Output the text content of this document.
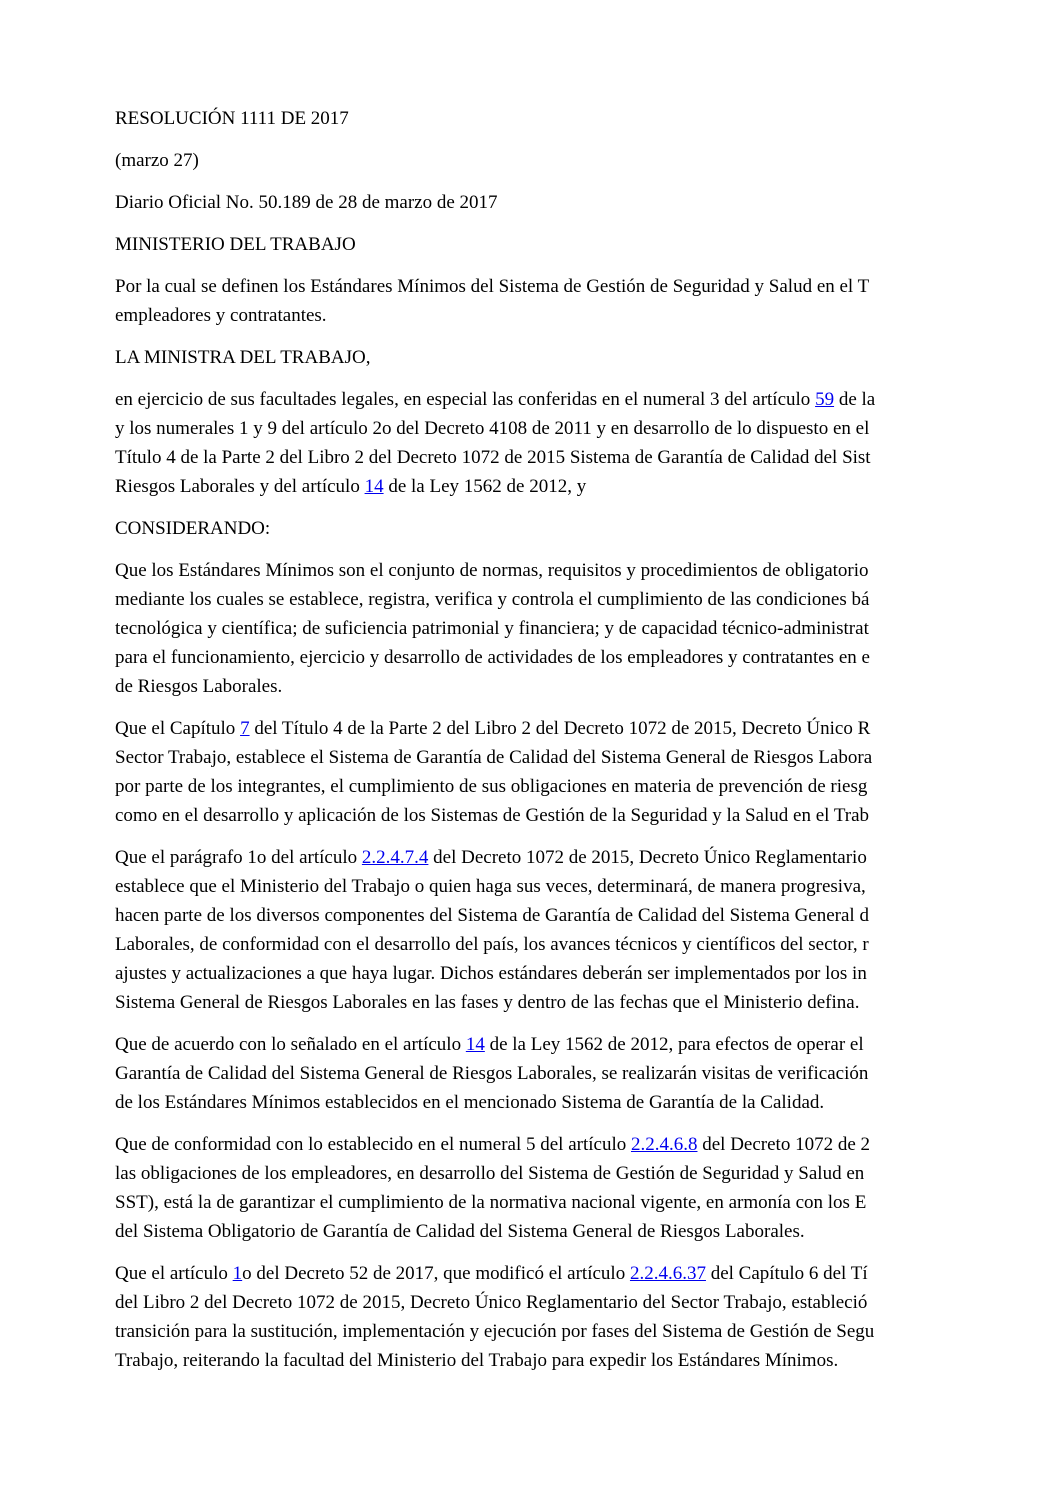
RESOLUCIÓN 1111 DE 2017
(marzo 27)
Diario Oficial No. 50.189 de 28 de marzo de 2017
MINISTERIO DEL TRABAJO
Por la cual se definen los Estándares Mínimos del Sistema de Gestión de Seguridad y Salud en el T
empleadores y contratantes.
LA MINISTRA DEL TRABAJO,
en ejercicio de sus facultades legales, en especial las conferidas en el numeral 3 del artículo 59 de la
y los numerales 1 y 9 del artículo 2o del Decreto 4108 de 2011 y en desarrollo de lo dispuesto en el
Título 4 de la Parte 2 del Libro 2 del Decreto 1072 de 2015 Sistema de Garantía de Calidad del Sist
Riesgos Laborales y del artículo 14 de la Ley 1562 de 2012, y
CONSIDERANDO:
Que los Estándares Mínimos son el conjunto de normas, requisitos y procedimientos de obligatorio
mediante los cuales se establece, registra, verifica y controla el cumplimiento de las condiciones bá
tecnológica y científica; de suficiencia patrimonial y financiera; y de capacidad técnico-administrat
para el funcionamiento, ejercicio y desarrollo de actividades de los empleadores y contratantes en e
de Riesgos Laborales.
Que el Capítulo 7 del Título 4 de la Parte 2 del Libro 2 del Decreto 1072 de 2015, Decreto Único R
Sector Trabajo, establece el Sistema de Garantía de Calidad del Sistema General de Riesgos Labora
por parte de los integrantes, el cumplimiento de sus obligaciones en materia de prevención de riesg
como en el desarrollo y aplicación de los Sistemas de Gestión de la Seguridad y la Salud en el Trab
Que el parágrafo 1o del artículo 2.2.4.7.4 del Decreto 1072 de 2015, Decreto Único Reglamentario
establece que el Ministerio del Trabajo o quien haga sus veces, determinará, de manera progresiva,
hacen parte de los diversos componentes del Sistema de Garantía de Calidad del Sistema General d
Laborales, de conformidad con el desarrollo del país, los avances técnicos y científicos del sector, r
ajustes y actualizaciones a que haya lugar. Dichos estándares deberán ser implementados por los in
Sistema General de Riesgos Laborales en las fases y dentro de las fechas que el Ministerio defina.
Que de acuerdo con lo señalado en el artículo 14 de la Ley 1562 de 2012, para efectos de operar el
Garantía de Calidad del Sistema General de Riesgos Laborales, se realizarán visitas de verificación
de los Estándares Mínimos establecidos en el mencionado Sistema de Garantía de la Calidad.
Que de conformidad con lo establecido en el numeral 5 del artículo 2.2.4.6.8 del Decreto 1072 de 2
las obligaciones de los empleadores, en desarrollo del Sistema de Gestión de Seguridad y Salud en
SST), está la de garantizar el cumplimiento de la normativa nacional vigente, en armonía con los E
del Sistema Obligatorio de Garantía de Calidad del Sistema General de Riesgos Laborales.
Que el artículo 1o del Decreto 52 de 2017, que modificó el artículo 2.2.4.6.37 del Capítulo 6 del Tí
del Libro 2 del Decreto 1072 de 2015, Decreto Único Reglamentario del Sector Trabajo, estableció
transición para la sustitución, implementación y ejecución por fases del Sistema de Gestión de Segu
Trabajo, reiterando la facultad del Ministerio del Trabajo para expedir los Estándares Mínimos.
